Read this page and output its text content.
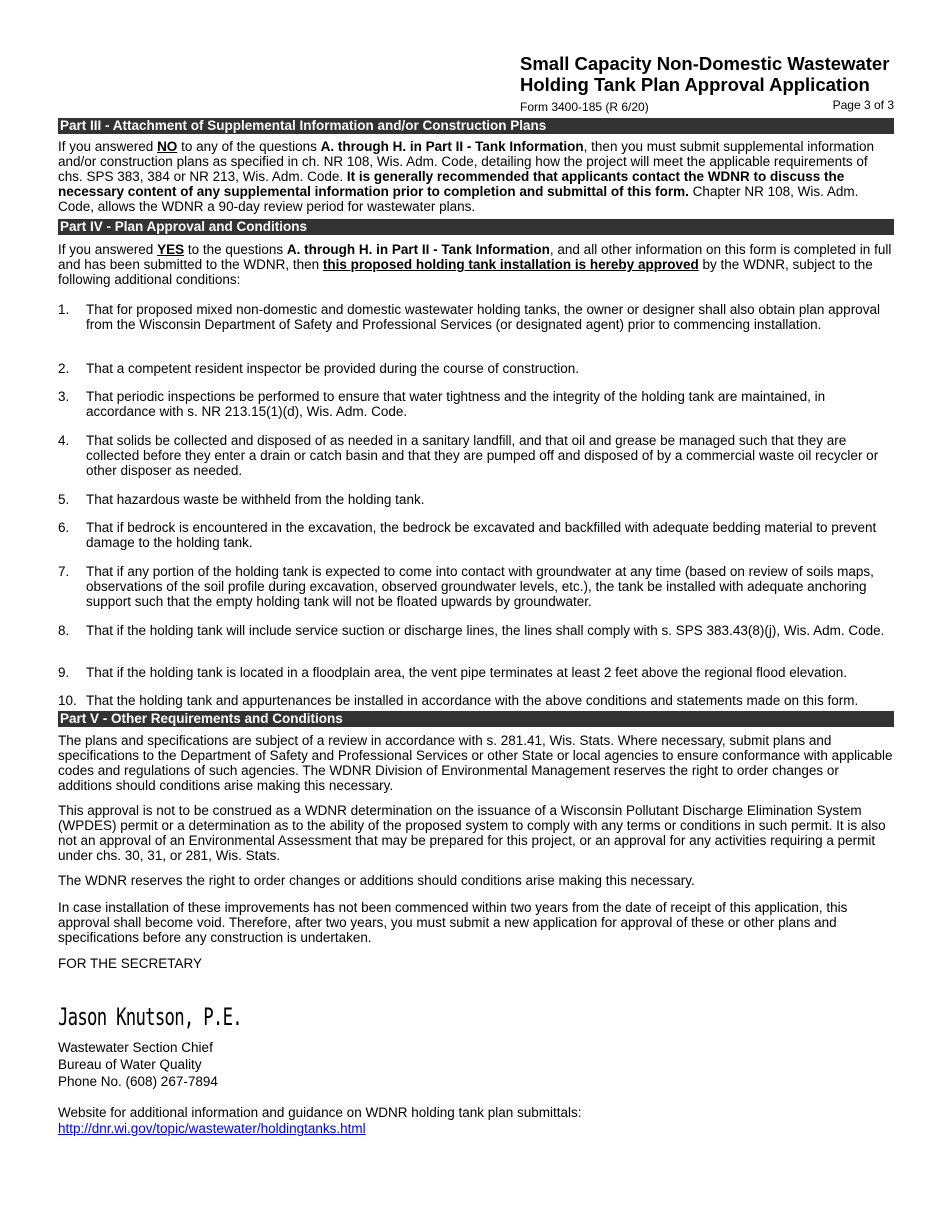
Small Capacity Non-Domestic Wastewater
Holding Tank Plan Approval Application
Form 3400-185 (R 6/20)	Page 3 of 3
Part III - Attachment of Supplemental Information and/or Construction Plans
If you answered NO to any of the questions A. through H. in Part II - Tank Information, then you must submit supplemental information and/or construction plans as specified in ch. NR 108, Wis. Adm. Code, detailing how the project will meet the applicable requirements of chs. SPS 383, 384 or NR 213, Wis. Adm. Code. It is generally recommended that applicants contact the WDNR to discuss the necessary content of any supplemental information prior to completion and submittal of this form. Chapter NR 108, Wis. Adm. Code, allows the WDNR a 90-day review period for wastewater plans.
Part IV - Plan Approval and Conditions
If you answered YES to the questions A. through H. in Part II - Tank Information, and all other information on this form is completed in full and has been submitted to the WDNR, then this proposed holding tank installation is hereby approved by the WDNR, subject to the following additional conditions:
1.	That for proposed mixed non-domestic and domestic wastewater holding tanks, the owner or designer shall also obtain plan approval from the Wisconsin Department of Safety and Professional Services (or designated agent) prior to commencing installation.
2.	That a competent resident inspector be provided during the course of construction.
3.	That periodic inspections be performed to ensure that water tightness and the integrity of the holding tank are maintained, in accordance with s. NR 213.15(1)(d), Wis. Adm. Code.
4.	That solids be collected and disposed of as needed in a sanitary landfill, and that oil and grease be managed such that they are collected before they enter a drain or catch basin and that they are pumped off and disposed of by a commercial waste oil recycler or other disposer as needed.
5.	That hazardous waste be withheld from the holding tank.
6.	That if bedrock is encountered in the excavation, the bedrock be excavated and backfilled with adequate bedding material to prevent damage to the holding tank.
7.	That if any portion of the holding tank is expected to come into contact with groundwater at any time (based on review of soils maps, observations of the soil profile during excavation, observed groundwater levels, etc.), the tank be installed with adequate anchoring support such that the empty holding tank will not be floated upwards by groundwater.
8.	That if the holding tank will include service suction or discharge lines, the lines shall comply with s. SPS 383.43(8)(j), Wis. Adm. Code.
9.	That if the holding tank is located in a floodplain area, the vent pipe terminates at least 2 feet above the regional flood elevation.
10. That the holding tank and appurtenances be installed in accordance with the above conditions and statements made on this form.
Part V - Other Requirements and Conditions
The plans and specifications are subject of a review in accordance with s. 281.41, Wis. Stats. Where necessary, submit plans and specifications to the Department of Safety and Professional Services or other State or local agencies to ensure conformance with applicable codes and regulations of such agencies. The WDNR Division of Environmental Management reserves the right to order changes or additions should conditions arise making this necessary.
This approval is not to be construed as a WDNR determination on the issuance of a Wisconsin Pollutant Discharge Elimination System (WPDES) permit or a determination as to the ability of the proposed system to comply with any terms or conditions in such permit. It is also not an approval of an Environmental Assessment that may be prepared for this project, or an approval for any activities requiring a permit under chs. 30, 31, or 281, Wis. Stats.
The WDNR reserves the right to order changes or additions should conditions arise making this necessary.
In case installation of these improvements has not been commenced within two years from the date of receipt of this application, this approval shall become void. Therefore, after two years, you must submit a new application for approval of these or other plans and specifications before any construction is undertaken.
FOR THE SECRETARY
Jason Knutson, P.E.
Wastewater Section Chief
Bureau of Water Quality
Phone No. (608) 267-7894
Website for additional information and guidance on WDNR holding tank plan submittals:
http://dnr.wi.gov/topic/wastewater/holdingtanks.html
